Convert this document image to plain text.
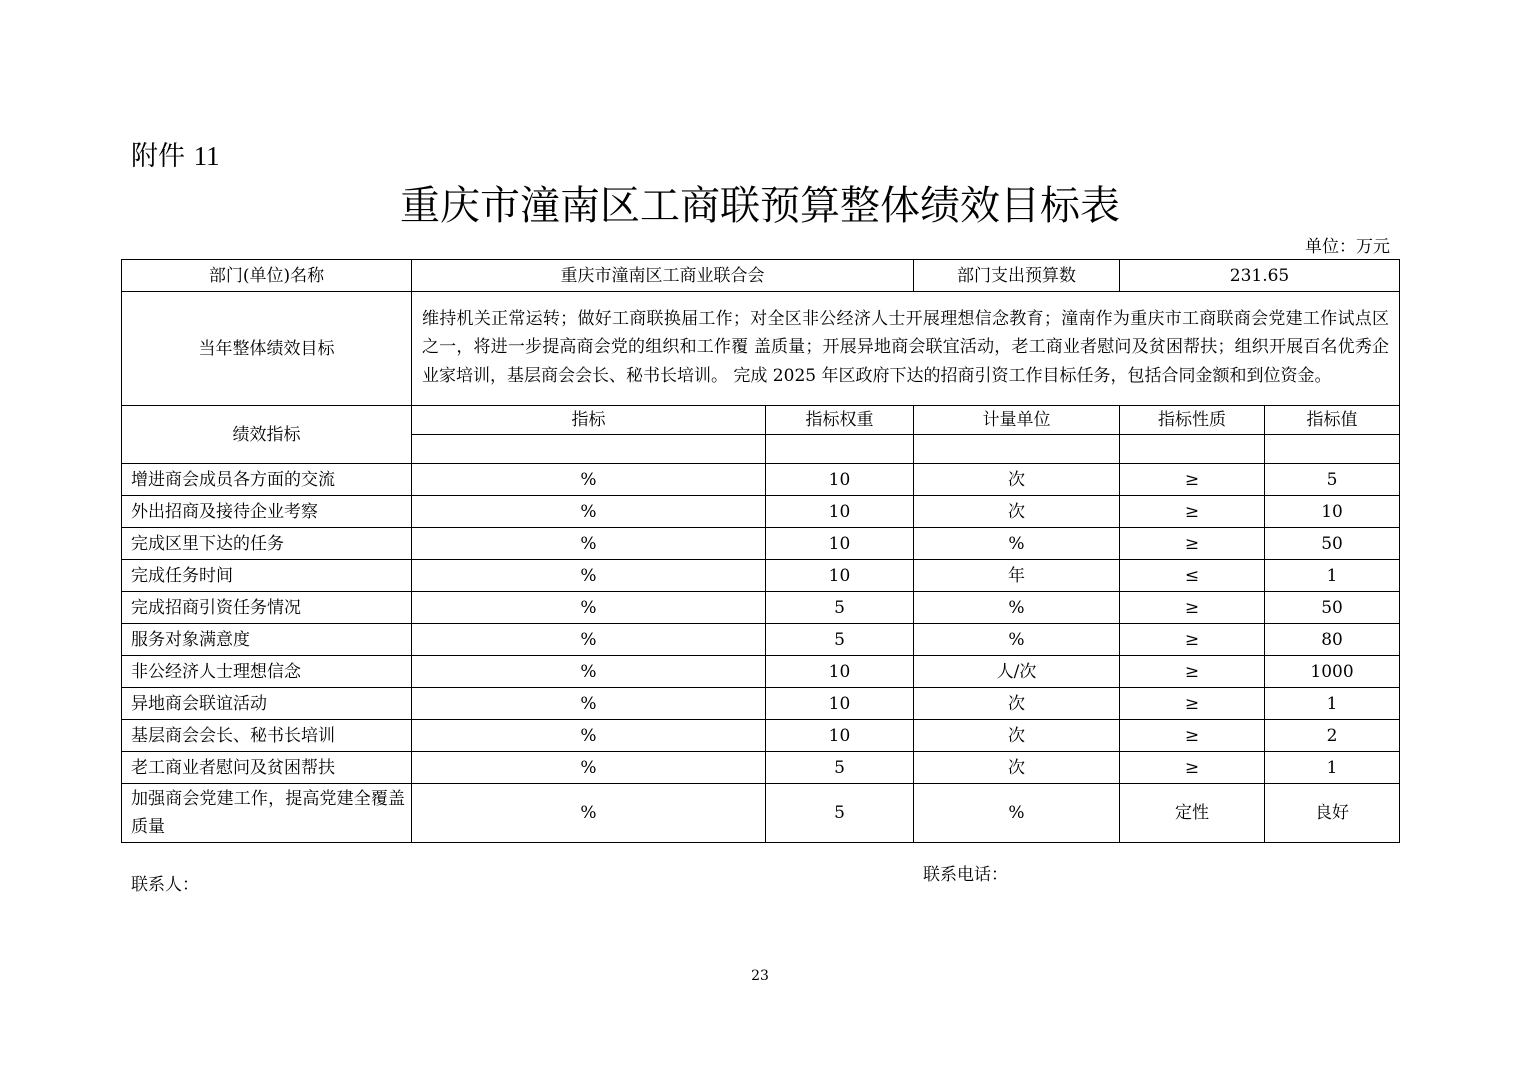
附件 11
重庆市潼南区工商联预算整体绩效目标表
单位：万元
部门(单位)名称	重庆市潼南区工商业联合会		部门支出预算数	231.65	
当年整体绩效目标	维持机关正常运转；做好工商联换届工作；对全区非公经济人士开展理想信念教育；潼南作为重庆市工商联商会党建工作试点区之一，将进一步提高商会党的组织和工作覆 盖质量；开展异地商会联宜活动，老工商业者慰问及贫困帮扶；组织开展百名优秀企业家培训，基层商会会长、秘书长培训。 完成 2025 年区政府下达的招商引资工作目标任务，包括合同金额和到位资金。				
绩效指标	指标	指标权重	计量单位	指标性质	指标值

增进商会成员各方面的交流	%	10	次	≥	5
外出招商及接待企业考察	%	10	次	≥	10
完成区里下达的任务	%	10	%	≥	50
完成任务时间	%	10	年	≤	1
完成招商引资任务情况	%	5	%	≥	50
服务对象满意度	%	5	%	≥	80
非公经济人士理想信念	%	10	人/次	≥	1000
异地商会联谊活动	%	10	次	≥	1
基层商会会长、秘书长培训	%	10	次	≥	2
老工商业者慰问及贫困帮扶	%	5	次	≥	1
加强商会党建工作，提高党建全覆盖质量	%	5	%	定性	良好
联系人：	联系电话：
23
